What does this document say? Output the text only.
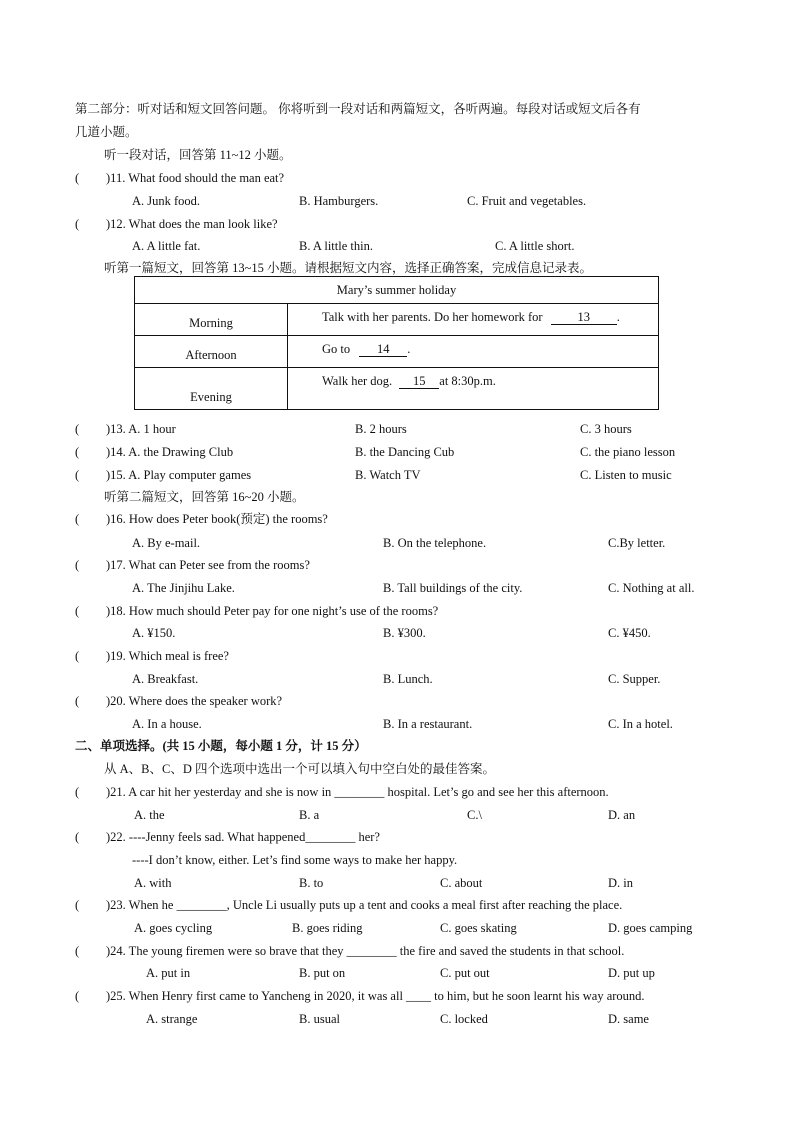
第二部分：听对话和短文回答问题。 你将听到一段对话和两篇短文，各听两遍。每段对话或短文后各有
几道小题。
听一段对话，回答第 11~12 小题。
( )11. What food should the man eat?
A. Junk food.	B. Hamburgers.	C. Fruit and vegetables.
( )12. What does the man look like?
A. A little fat.	B. A little thin.	C. A little short.
听第一篇短文，回答第 13~15 小题。请根据短文内容，选择正确答案，完成信息记录表。
Mary’s summer holiday	
Morning	Talk with her parents. Do her homework for 13 .
Afternoon	Go to 14 .
Evening	Walk her dog. 15 at 8:30p.m.
( )13. A. 1 hour	B. 2 hours	C. 3 hours
( )14. A. the Drawing Club	B. the Dancing Cub	C. the piano lesson
( )15. A. Play computer games	B. Watch TV	C. Listen to music
听第二篇短文，回答第 16~20 小题。
( )16. How does Peter book(预定) the rooms?
A. By e-mail.	B. On the telephone.	C.By letter.
( )17. What can Peter see from the rooms?
A. The Jinjihu Lake.	B. Tall buildings of the city.	C. Nothing at all.
( )18. How much should Peter pay for one night’s use of the rooms?
A. ¥150.	B. ¥300.	C. ¥450.
( )19. Which meal is free?
A. Breakfast.	B. Lunch.	C. Supper.
( )20. Where does the speaker work?
A. In a house.	B. In a restaurant.	C. In a hotel.
二、单项选择。(共 15 小题，每小题 1 分，计 15 分）
从 A、B、C、D 四个选项中选出一个可以填入句中空白处的最佳答案。
( )21. A car hit her yesterday and she is now in ________ hospital. Let’s go and see her this afternoon.
A. the	B. a	C.\	D. an
( )22. ----Jenny feels sad. What happened________ her?
----I don’t know, either. Let’s find some ways to make her happy.
A. with	B. to	C. about	D. in
( )23. When he ________, Uncle Li usually puts up a tent and cooks a meal first after reaching the place.
A. goes cycling	B. goes riding	C. goes skating	D. goes camping
( )24. The young firemen were so brave that they ________ the fire and saved the students in that school.
A. put in	B. put on	C. put out	D. put up
( )25. When Henry first came to Yancheng in 2020, it was all ____ to him, but he soon learnt his way around.
A. strange	B. usual	C. locked	D. same
